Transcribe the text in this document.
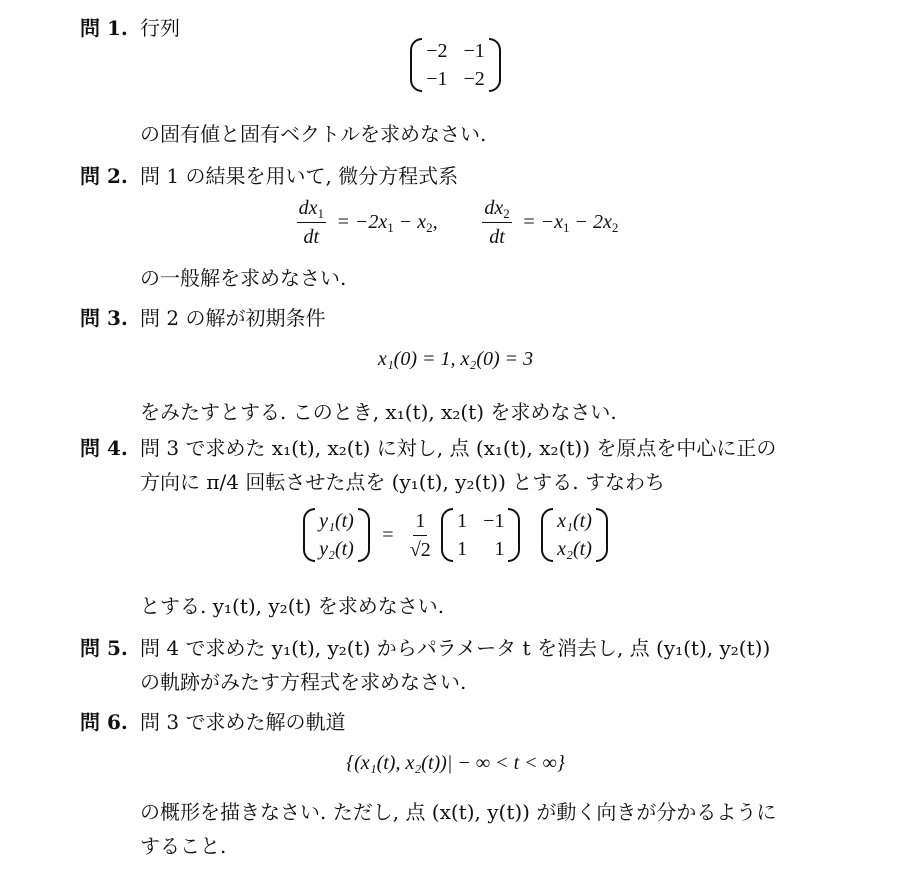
問 1. 行列
−2 −1
−1 −2
の固有値と固有ベクトルを求めなさい.
問 2. 問 1 の結果を用いて, 微分方程式系
$\frac{dx_1}{dt} = -2x_1 - x_2$, $\frac{dx_2}{dt} = -x_1 - 2x_2$
の一般解を求めなさい.
問 3. 問 2 の解が初期条件
x₁(0) = 1, x₂(0) = 3
をみたすとする. このとき, x₁(t), x₂(t) を求めなさい.
問 4. 問 3 で求めた x₁(t), x₂(t) に対し, 点 (x₁(t), x₂(t)) を原点を中心に正の
方向に π/4 回転させた点を (y₁(t), y₂(t)) とする. すなわち
y₁(t)
y₂(t)
= $\frac{1}{√2}$
1 −1
1	1

x₁(t)
x₂(t)
とする. y₁(t), y₂(t) を求めなさい.
問 5. 問 4 で求めた y₁(t), y₂(t) からパラメータ t を消去し, 点 (y₁(t), y₂(t))
の軌跡がみたす方程式を求めなさい.
問 6. 問 3 で求めた解の軌道
{(x₁(t), x₂(t))| − ∞ < t < ∞}
の概形を描きなさい. ただし, 点 (x(t), y(t)) が動く向きが分かるように
すること.
